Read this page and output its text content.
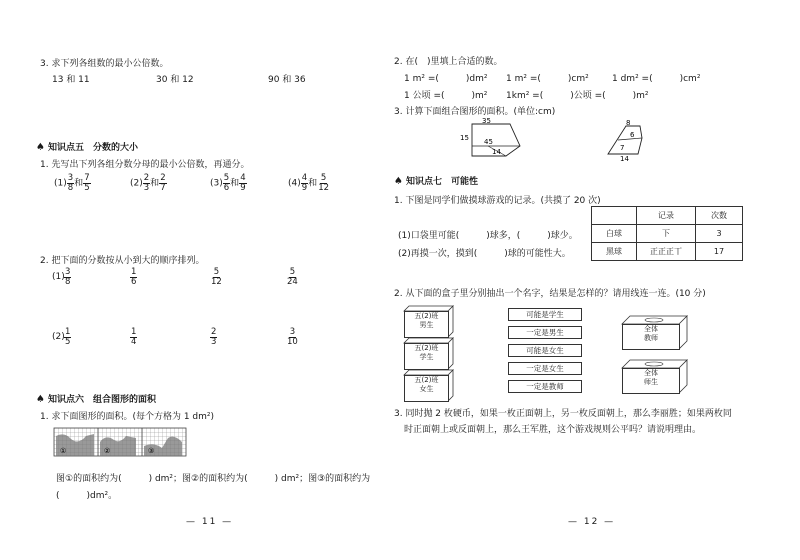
3. 求下列各组数的最小公倍数。
13 和 11	30 和 12	90 和 36
♠ 知识点五　分数的大小
1. 先写出下列各组分数分母的最小公倍数，再通分。
$(1) \frac{3}{8}$ 和 $\frac{7}{5}$	$(2) \frac{2}{3}$ 和 $\frac{2}{7}$	$(3) \frac{5}{6}$ 和 $\frac{4}{9}$	$(4) \frac{4}{9}$ 和 $\frac{5}{12}$
2. 把下面的分数按从小到大的顺序排列。
$(1) \frac{3}{8}$	$\frac{1}{6}$	$\frac{5}{12}$	$\frac{5}{24}$
$(2) \frac{1}{5}$	$\frac{1}{4}$	$\frac{2}{3}$	$\frac{3}{10}$
♠ 知识点六　组合图形的面积
1. 求下面图形的面积。(每个方格为 1 dm²)
①	②	③
图①的面积约为(　　　) dm²；图②的面积约为(　　　) dm²；图③的面积约为
(　　　)dm²。
— 11 —
2. 在(　)里填上合适的数。
1 m² =(　　　)dm² 1 m² =(　　　)cm²	1 dm² =(　　　)cm²
1 公顷 =(　　　)m² 1km² =(　　　)公顷 =(　　　)m²
3. 计算下面组合图形的面积。(单位:cm)
35
15 45
14
8
6
7
14
♠ 知识点七　可能性
1. 下图是同学们做摸球游戏的记录。(共摸了 20 次)
(1)口袋里可能(　　　)球多，(　　　)球少。
(2)再摸一次，摸到(　　　)球的可能性大。
	记录	次数
白球	下	3
黑球	正正正丅	17
2. 从下面的盒子里分别抽出一个名字，结果是怎样的？请用线连一连。(10 分)
五(2)班
男生
五(2)班
学生
五(2)班
女生
可能是学生
一定是男生
可能是女生
一定是女生
一定是教师
全体
教师
全体
师生
3. 同时抛 2 枚硬币，如果一枚正面朝上，另一枚反面朝上，那么李丽胜；如果两枚同
时正面朝上或反面朝上，那么王军胜，这个游戏规则公平吗？请说明理由。
— 12 —
